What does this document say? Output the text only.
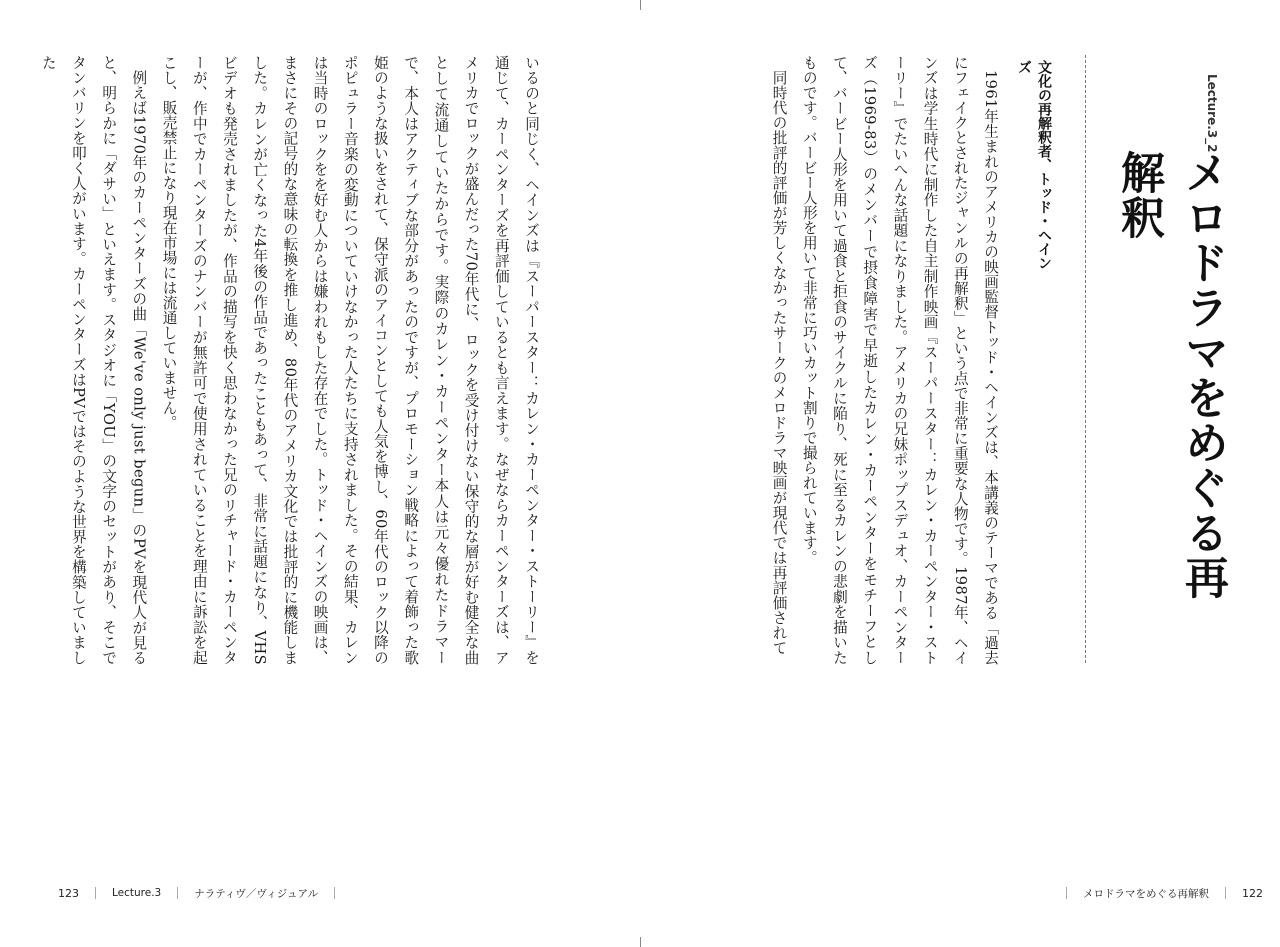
Lecture.3_2
メロドラマをめぐる再解釈
文化の再解釈者、トッド・ヘインズ

1961年生まれのアメリカの映画監督トッド・ヘインズは、本講義のテーマである「過去にフェイクとされたジャンルの再解釈」という点で非常に重要な人物です。1987年、ヘインズは学生時代に制作した自主制作映画『スーパースター：カレン・カーペンター・ストーリー』でたいへんな話題になりました。アメリカの兄妹ポップスデュオ、カーペンターズ（1969-83）のメンバーで摂食障害で早逝したカレン・カーペンターをモチーフとして、バービー人形を用いて過食と拒食のサイクルに陥り、死に至るカレンの悲劇を描いたものです。バービー人形を用いて非常に巧いカット割りで撮られています。

同時代の批評的評価が芳しくなかったサークのメロドラマ映画が現代では再評価されて

メロドラマをめぐる再解釈	122

いるのと同じく、ヘインズは『スーパースター：カレン・カーペンター・ストーリー』を通じて、カーペンターズを再評価しているとも言えます。なぜならカーペンターズは、アメリカでロックが盛んだった70年代に、ロックを受け付けない保守的な層が好む健全な曲として流通していたからです。実際のカレン・カーペンター本人は元々優れたドラマーで、本人はアクティブな部分があったのですが、プロモーション戦略によって着飾った歌姫のような扱いをされて、保守派のアイコンとしても人気を博し、60年代のロック以降のポピュラー音楽の変動についていけなかった人たちに支持されました。その結果、カレンは当時のロックをを好む人からは嫌われもした存在でした。トッド・ヘインズの映画は、まさにその記号的な意味の転換を推し進め、80年代のアメリカ文化では批評的に機能しました。カレンが亡くなった4年後の作品であったこともあって、非常に話題になり、VHSビデオも発売されましたが、作品の描写を快く思わなかった兄のリチャード・カーペンターが、作中でカーペンターズのナンバーが無許可で使用されていることを理由に訴訟を起こし、販売禁止になり現在市場には流通していません。

例えば1970年のカーペンターズの曲「We've only just begun」のPVを現代人が見ると、明らかに「ダサい」といえます。スタジオに「YOU」の文字のセットがあり、そこでタンバリンを叩く人がいます。カーペンターズはPVではそのような世界を構築していました

123	Lecture.3	ナラティヴ／ヴィジュアル
